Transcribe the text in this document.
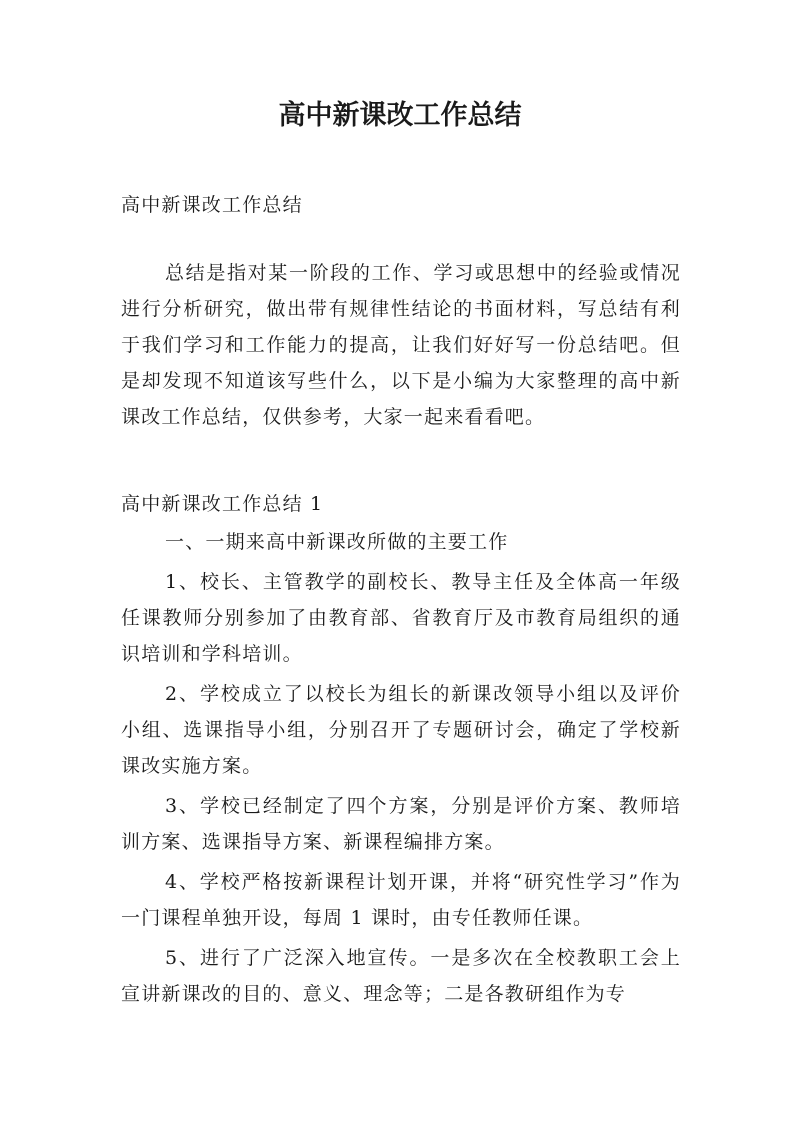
高中新课改工作总结

高中新课改工作总结

总结是指对某一阶段的工作、学习或思想中的经验或情况进行分析研究，做出带有规律性结论的书面材料，写总结有利于我们学习和工作能力的提高，让我们好好写一份总结吧。但是却发现不知道该写些什么，以下是小编为大家整理的高中新课改工作总结，仅供参考，大家一起来看看吧。

高中新课改工作总结 1

一、一期来高中新课改所做的主要工作

1、校长、主管教学的副校长、教导主任及全体高一年级任课教师分别参加了由教育部、省教育厅及市教育局组织的通识培训和学科培训。

2、学校成立了以校长为组长的新课改领导小组以及评价小组、选课指导小组，分别召开了专题研讨会，确定了学校新课改实施方案。

3、学校已经制定了四个方案，分别是评价方案、教师培训方案、选课指导方案、新课程编排方案。

4、学校严格按新课程计划开课，并将“研究性学习”作为一门课程单独开设，每周 1 课时，由专任教师任课。

5、进行了广泛深入地宣传。一是多次在全校教职工会上宣讲新课改的目的、意义、理念等；二是各教研组作为专
